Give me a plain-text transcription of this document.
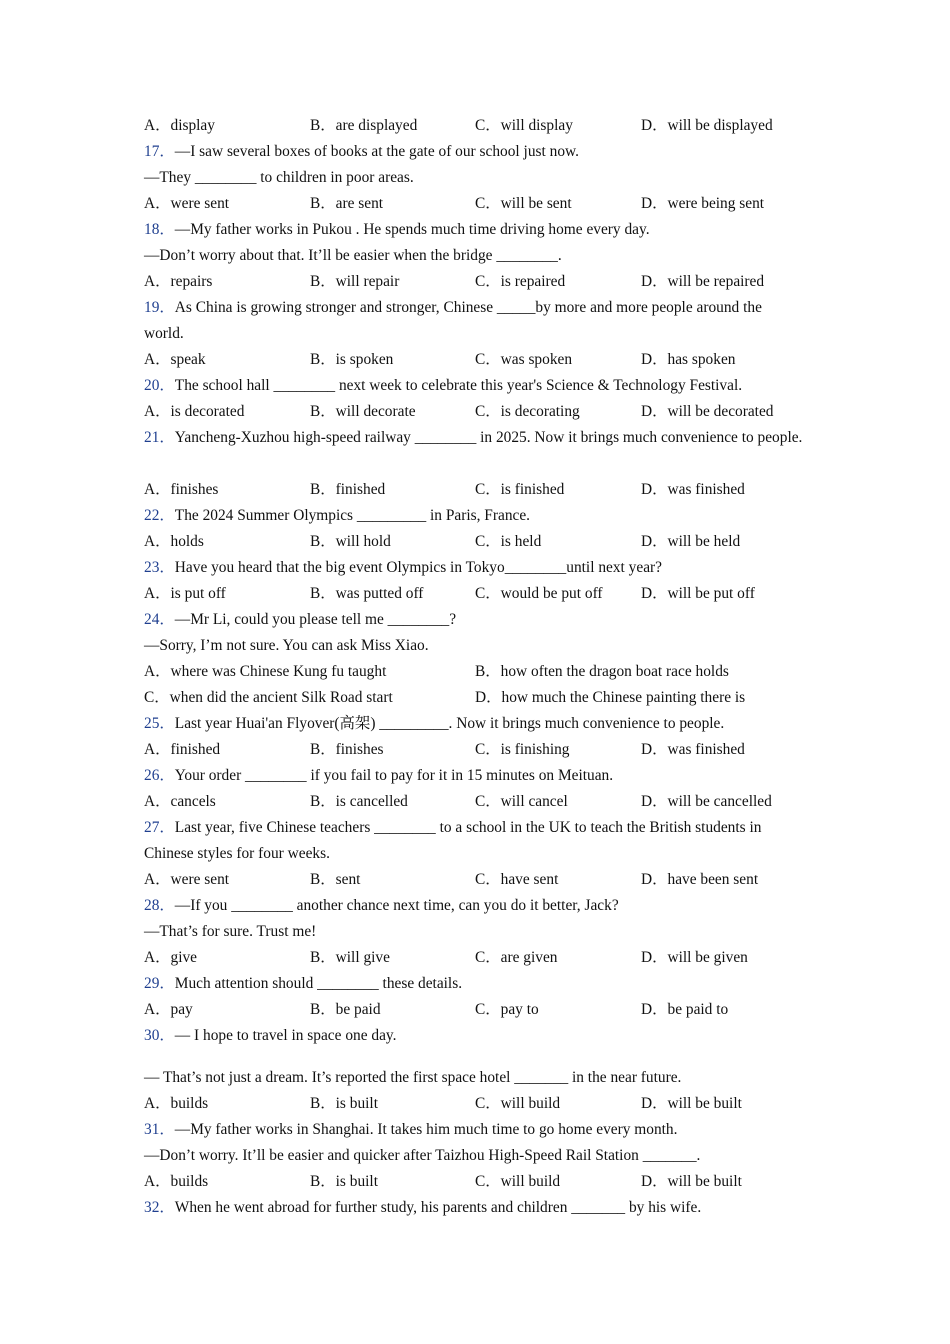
A．display	B．are displayed	C．will display	D．will be displayed
17．—I saw several boxes of books at the gate of our school just now.
—They ________ to children in poor areas.
A．were sent	B．are sent	C．will be sent	D．were being sent
18．—My father works in Pukou . He spends much time driving home every day.
—Don’t worry about that. It’ll be easier when the bridge ________.
A．repairs	B．will repair	C．is repaired	D．will be repaired
19．As China is growing stronger and stronger, Chinese _____by more and more people around the world.
A．speak	B．is spoken	C．was spoken	D．has spoken
20．The school hall ________ next week to celebrate this year's Science & Technology Festival.
A．is decorated	B．will decorate	C．is decorating	D．will be decorated
21．Yancheng-Xuzhou high-speed railway ________ in 2025. Now it brings much convenience to people.
A．finishes	B．finished	C．is finished	D．was finished
22．The 2024 Summer Olympics _________ in Paris, France.
A．holds	B．will hold	C．is held	D．will be held
23．Have you heard that the big event Olympics in Tokyo________until next year?
A．is put off	B．was putted off	C．would be put off D．will be put off
24．—Mr Li, could you please tell me ________?
—Sorry, I’m not sure. You can ask Miss Xiao.
A．where was Chinese Kung fu taught	B．how often the dragon boat race holds
C．when did the ancient Silk Road start	D．how much the Chinese painting there is
25．Last year Huai'an Flyover(高架) _________. Now it brings much convenience to people.
A．finished	B．finishes	C．is finishing	D．was finished
26．Your order ________ if you fail to pay for it in 15 minutes on Meituan.
A．cancels	B．is cancelled	C．will cancel	D．will be cancelled
27．Last year, five Chinese teachers ________ to a school in the UK to teach the British students in Chinese styles for four weeks.
A．were sent	B．sent	C．have sent	D．have been sent
28．—If you ________ another chance next time, can you do it better, Jack?
—That’s for sure. Trust me!
A．give	B．will give	C．are given	D．will be given
29．Much attention should ________ these details.
A．pay	B．be paid	C．pay to	D．be paid to
30．— I hope to travel in space one day.
— That’s not just a dream. It’s reported the first space hotel _______ in the near future.
A．builds	B．is built	C．will build	D．will be built
31．—My father works in Shanghai. It takes him much time to go home every month.
—Don’t worry. It’ll be easier and quicker after Taizhou High-Speed Rail Station _______.
A．builds	B．is built	C．will build	D．will be built
32．When he went abroad for further study, his parents and children _______ by his wife.
